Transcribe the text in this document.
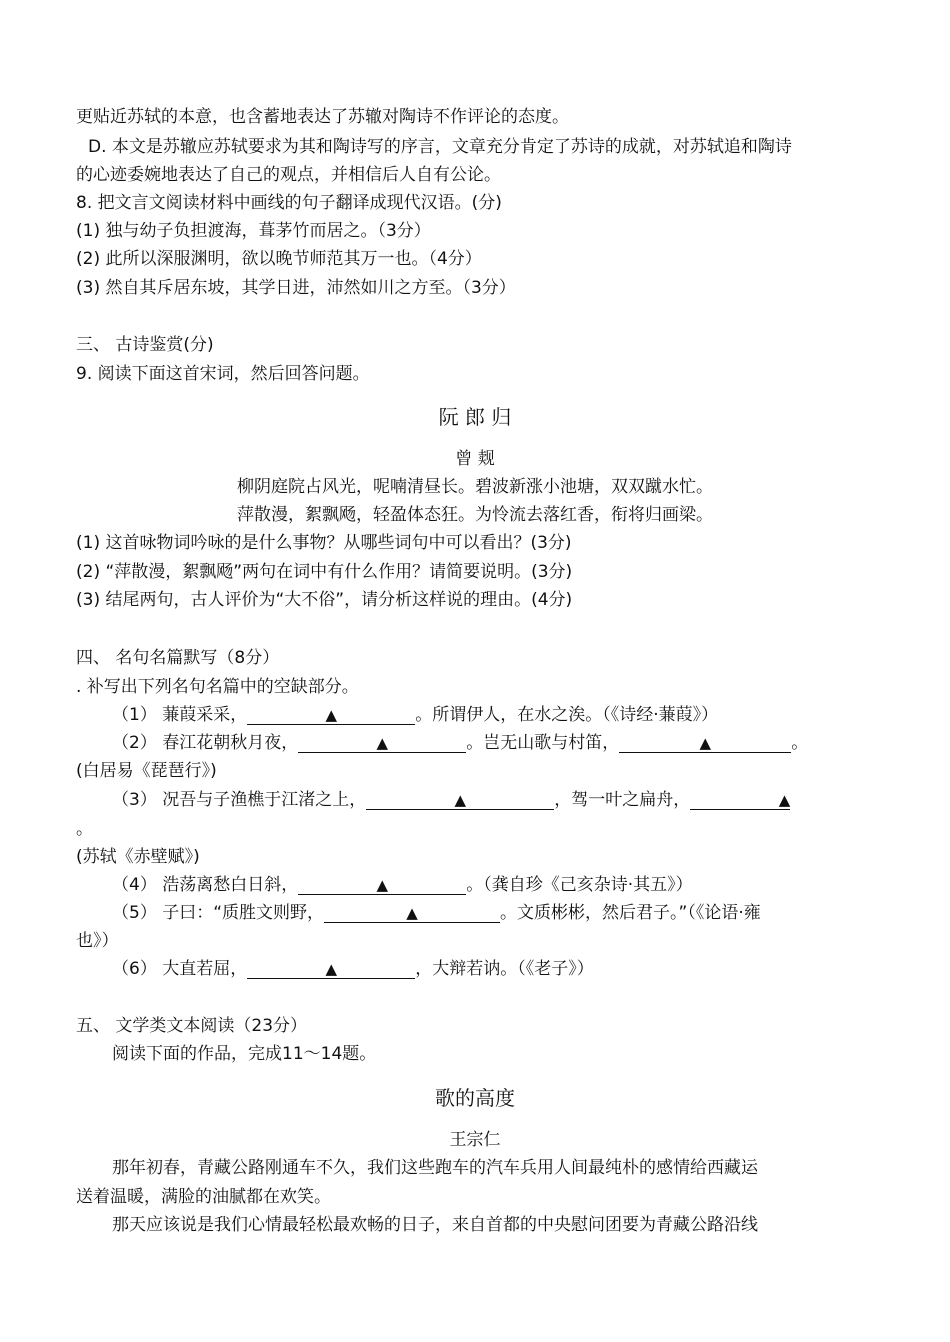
更贴近苏轼的本意，也含蓄地表达了苏辙对陶诗不作评论的态度。
D. 本文是苏辙应苏轼要求为其和陶诗写的序言，文章充分肯定了苏诗的成就，对苏轼追和陶诗
的心迹委婉地表达了自己的观点，并相信后人自有公论。
8. 把文言文阅读材料中画线的句子翻译成现代汉语。(分)
(1) 独与幼子负担渡海，葺茅竹而居之。（3分）
(2) 此所以深服渊明，欲以晚节师范其万一也。（4分）
(3) 然自其斥居东坡，其学日进，沛然如川之方至。（3分）
三、 古诗鉴赏(分)
9. 阅读下面这首宋词，然后回答问题。
阮 郎 归
曾 觌
柳阴庭院占风光，呢喃清昼长。碧波新涨小池塘，双双蹴水忙。
萍散漫，絮飘飏，轻盈体态狂。为怜流去落红香，衔将归画梁。
(1) 这首咏物词吟咏的是什么事物？从哪些词句中可以看出？(3分)
(2) “萍散漫，絮飘飏”两句在词中有什么作用？请简要说明。(3分)
(3) 结尾两句，古人评价为“大不俗”，请分析这样说的理由。(4分)
四、 名句名篇默写（8分）
. 补写出下列名句名篇中的空缺部分。
（1） 蒹葭采采，	▲	。所谓伊人，在水之涘。（《诗经·蒹葭》）
（2） 春江花朝秋月夜，	▲	。岂无山歌与村笛，	▲	。
(白居易《琵琶行》)
（3） 况吾与子渔樵于江渚之上，	▲	，驾一叶之扁舟，	▲
。
(苏轼《赤壁赋》)
（4） 浩荡离愁白日斜，	▲	。（龚自珍《己亥杂诗·其五》）
（5） 子曰：“质胜文则野，	▲	。文质彬彬，然后君子。”（《论语·雍
也》）
（6） 大直若屈，	▲	，大辩若讷。（《老子》）
五、 文学类文本阅读（23分）
阅读下面的作品，完成11～14题。
歌的高度
王宗仁
那年初春，青藏公路刚通车不久，我们这些跑车的汽车兵用人间最纯朴的感情给西藏运
送着温暖，满脸的油腻都在欢笑。
那天应该说是我们心情最轻松最欢畅的日子，来自首都的中央慰问团要为青藏公路沿线
